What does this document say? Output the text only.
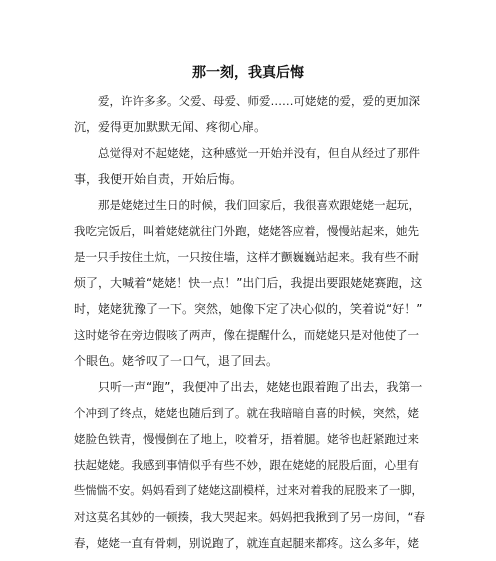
那一刻，我真后悔
爱，许许多多。父爱、母爱、师爱……可姥姥的爱，爱的更加深
沉，爱得更加默默无闻、疼彻心扉。
总觉得对不起姥姥，这种感觉一开始并没有，但自从经过了那件
事，我便开始自责，开始后悔。
那是姥姥过生日的时候，我们回家后，我很喜欢跟姥姥一起玩，
我吃完饭后，叫着姥姥就往门外跑，姥姥答应着，慢慢站起来，她先
是一只手按住土炕，一只按住墙，这样才颤巍巍站起来。我有些不耐
烦了，大喊着“姥姥！快一点！”出门后，我提出要跟姥姥赛跑，这
时，姥姥犹豫了一下。突然，她像下定了决心似的，笑着说“好！”
这时姥爷在旁边假咳了两声，像在提醒什么，而姥姥只是对他使了一
个眼色。姥爷叹了一口气，退了回去。
只听一声“跑”，我便冲了出去，姥姥也跟着跑了出去，我第一
个冲到了终点，姥姥也随后到了。就在我暗暗自喜的时候，突然，姥
姥脸色铁青，慢慢倒在了地上，咬着牙，捂着腿。姥爷也赶紧跑过来
扶起姥姥。我感到事情似乎有些不妙，跟在姥姥的屁股后面，心里有
些惴惴不安。妈妈看到了姥姥这副模样，过来对着我的屁股来了一脚，
对这莫名其妙的一顿揍，我大哭起来。妈妈把我揪到了另一房间，“春
春，姥姥一直有骨刺，别说跑了，就连直起腿来都疼。这么多年，姥
